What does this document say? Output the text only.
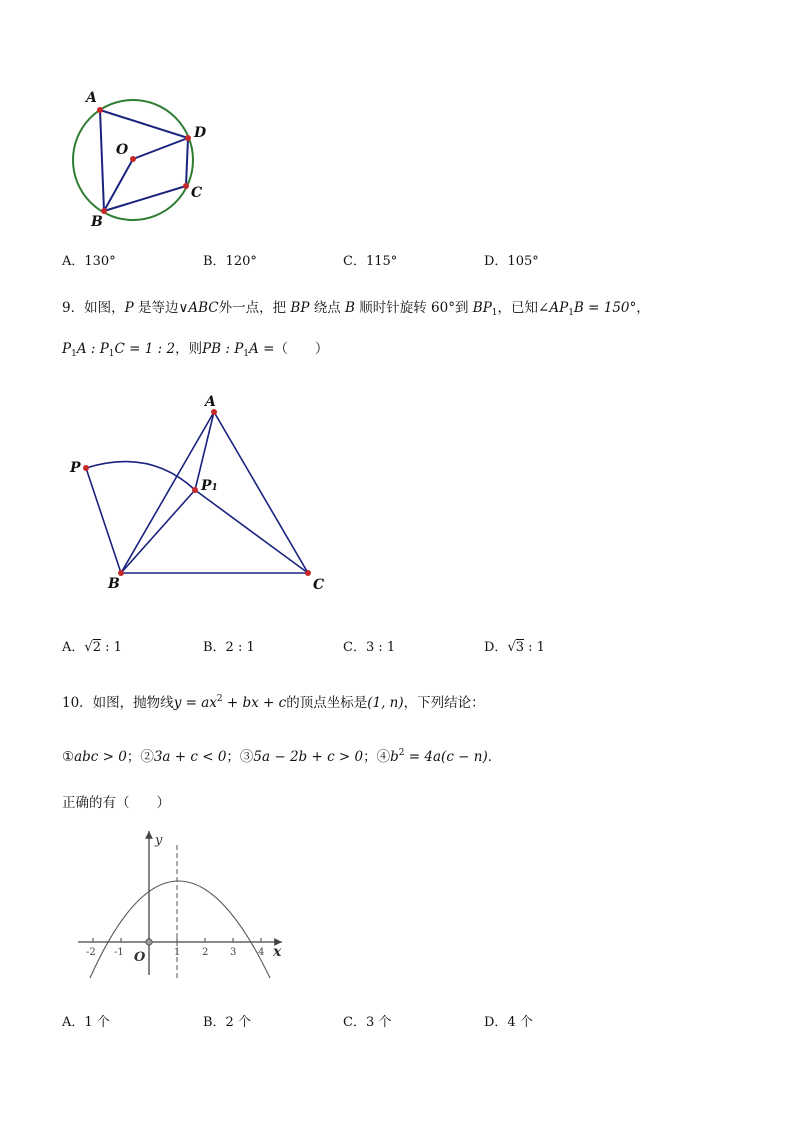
A
D
O
C
B
A．130°	B．120°	C．115°	D．105°
9．如图，P 是等边∨ABC外一点，把 BP 绕点 B 顺时针旋转 60°到 $BP_1$，已知$\angle AP_1B = 150^\circ$，
$P_1A$ : $P_1C = 1$ : 2，则PB : $P_1A$ =（　　）
A
P
P1
B	C
A．√2 : 1	B．2 : 1	C．3 : 1	D．√3 : 1
10．如图，抛物线$y = ax^2$ + bx + c的顶点坐标是(1, n)，下列结论：
①abc > 0；②3a + c < 0；③5a − 2b + c > 0；$④b^2 = 4a(c - n)$．
正确的有（　　）
-2 -1	1 2 3 4
y
x
O
A．1 个	B．2 个	C．3 个	D．4 个
